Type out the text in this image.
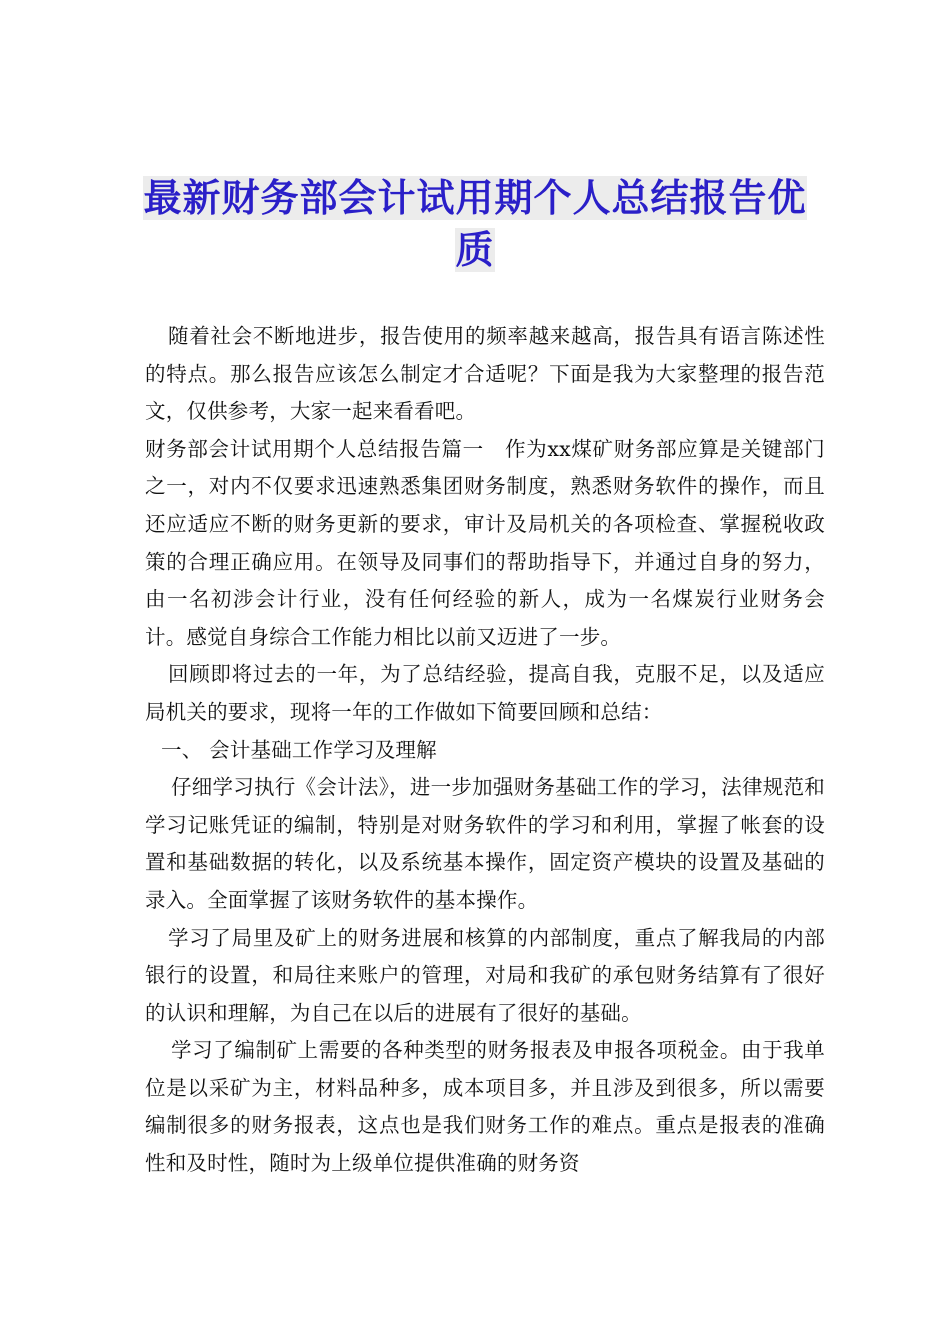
最新财务部会计试用期个人总结报告优质

随着社会不断地进步，报告使用的频率越来越高，报告具有语言陈述性的特点。那么报告应该怎么制定才合适呢？下面是我为大家整理的报告范文，仅供参考，大家一起来看看吧。

财务部会计试用期个人总结报告篇一　作为xx煤矿财务部应算是关键部门之一，对内不仅要求迅速熟悉集团财务制度，熟悉财务软件的操作，而且还应适应不断的财务更新的要求，审计及局机关的各项检查、掌握税收政策的合理正确应用。在领导及同事们的帮助指导下，并通过自身的努力，由一名初涉会计行业，没有任何经验的新人，成为一名煤炭行业财务会计。感觉自身综合工作能力相比以前又迈进了一步。

回顾即将过去的一年，为了总结经验，提高自我，克服不足，以及适应局机关的要求，现将一年的工作做如下简要回顾和总结：

一、 会计基础工作学习及理解

仔细学习执行《会计法》，进一步加强财务基础工作的学习，法律规范和学习记账凭证的编制，特别是对财务软件的学习和利用，掌握了帐套的设置和基础数据的转化，以及系统基本操作，固定资产模块的设置及基础的录入。全面掌握了该财务软件的基本操作。

学习了局里及矿上的财务进展和核算的内部制度，重点了解我局的内部银行的设置，和局往来账户的管理，对局和我矿的承包财务结算有了很好的认识和理解，为自己在以后的进展有了很好的基础。

学习了编制矿上需要的各种类型的财务报表及申报各项税金。由于我单位是以采矿为主，材料品种多，成本项目多，并且涉及到很多，所以需要编制很多的财务报表，这点也是我们财务工作的难点。重点是报表的准确性和及时性，随时为上级单位提供准确的财务资
